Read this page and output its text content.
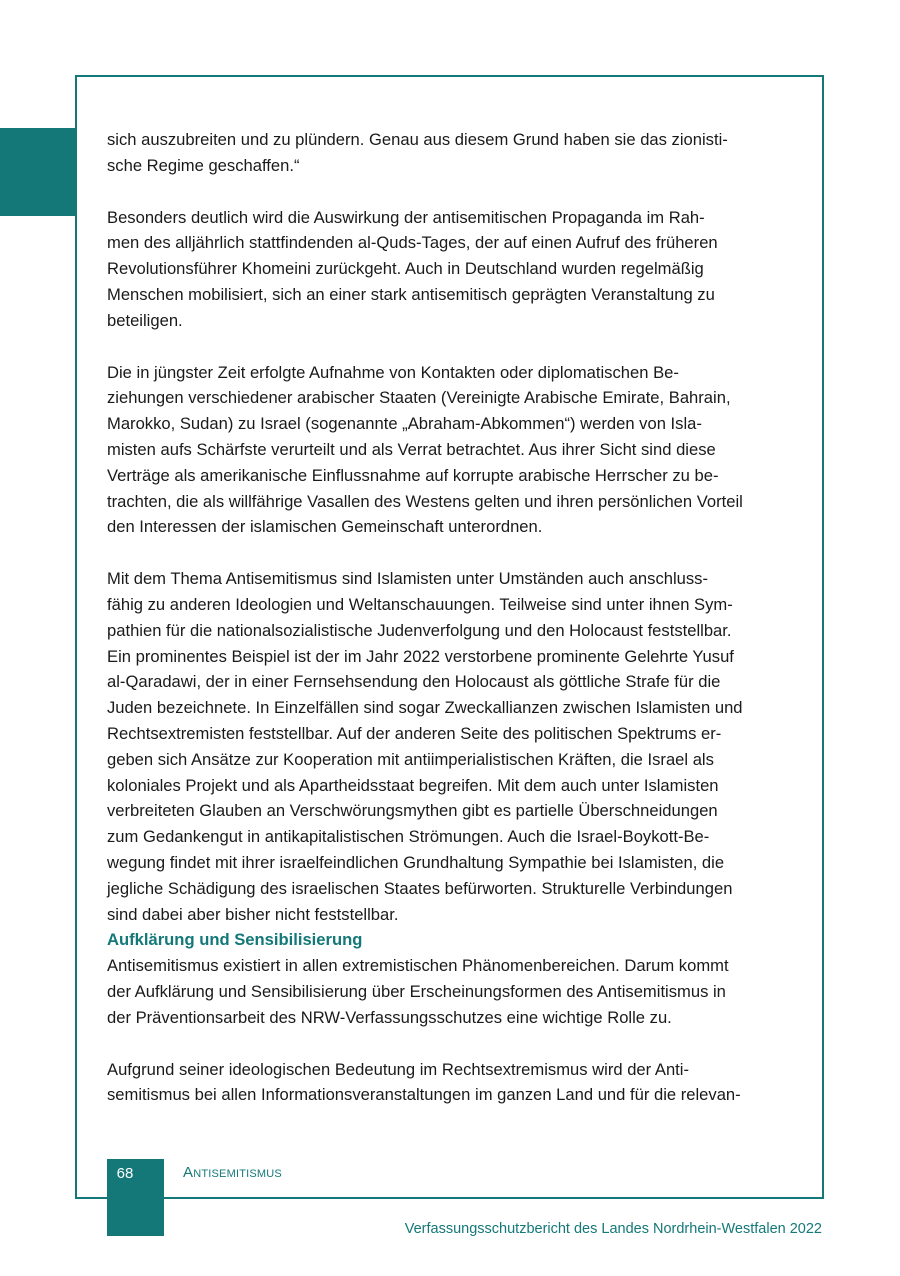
sich auszubreiten und zu plündern. Genau aus diesem Grund haben sie das zionisti-
sche Regime geschaffen.“

Besonders deutlich wird die Auswirkung der antisemitischen Propaganda im Rah-
men des alljährlich stattfindenden al-Quds-Tages, der auf einen Aufruf des früheren
Revolutionsführer Khomeini zurückgeht. Auch in Deutschland wurden regelmäßig
Menschen mobilisiert, sich an einer stark antisemitisch geprägten Veranstaltung zu
beteiligen.

Die in jüngster Zeit erfolgte Aufnahme von Kontakten oder diplomatischen Be-
ziehungen verschiedener arabischer Staaten (Vereinigte Arabische Emirate, Bahrain,
Marokko, Sudan) zu Israel (sogenannte „Abraham-Abkommen“) werden von Isla-
misten aufs Schärfste verurteilt und als Verrat betrachtet. Aus ihrer Sicht sind diese
Verträge als amerikanische Einflussnahme auf korrupte arabische Herrscher zu be-
trachten, die als willfährige Vasallen des Westens gelten und ihren persönlichen Vorteil
den Interessen der islamischen Gemeinschaft unterordnen.

Mit dem Thema Antisemitismus sind Islamisten unter Umständen auch anschluss-
fähig zu anderen Ideologien und Weltanschauungen. Teilweise sind unter ihnen Sym-
pathien für die nationalsozialistische Judenverfolgung und den Holocaust feststellbar.
Ein prominentes Beispiel ist der im Jahr 2022 verstorbene prominente Gelehrte Yusuf
al-Qaradawi, der in einer Fernsehsendung den Holocaust als göttliche Strafe für die
Juden bezeichnete. In Einzelfällen sind sogar Zweckallianzen zwischen Islamisten und
Rechtsextremisten feststellbar. Auf der anderen Seite des politischen Spektrums er-
geben sich Ansätze zur Kooperation mit antiimperialistischen Kräften, die Israel als
koloniales Projekt und als Apartheidsstaat begreifen. Mit dem auch unter Islamisten
verbreiteten Glauben an Verschwörungsmythen gibt es partielle Überschneidungen
zum Gedankengut in antikapitalistischen Strömungen. Auch die Israel-Boykott-Be-
wegung findet mit ihrer israelfeindlichen Grundhaltung Sympathie bei Islamisten, die
jegliche Schädigung des israelischen Staates befürworten. Strukturelle Verbindungen
sind dabei aber bisher nicht feststellbar.

Aufklärung und Sensibilisierung

Antisemitismus existiert in allen extremistischen Phänomenbereichen. Darum kommt
der Aufklärung und Sensibilisierung über Erscheinungsformen des Antisemitismus in
der Präventionsarbeit des NRW-Verfassungsschutzes eine wichtige Rolle zu.

Aufgrund seiner ideologischen Bedeutung im Rechtsextremismus wird der Anti-
semitismus bei allen Informationsveranstaltungen im ganzen Land und für die relevan-

68	Antisemitismus
Verfassungsschutzbericht des Landes Nordrhein-Westfalen 2022
